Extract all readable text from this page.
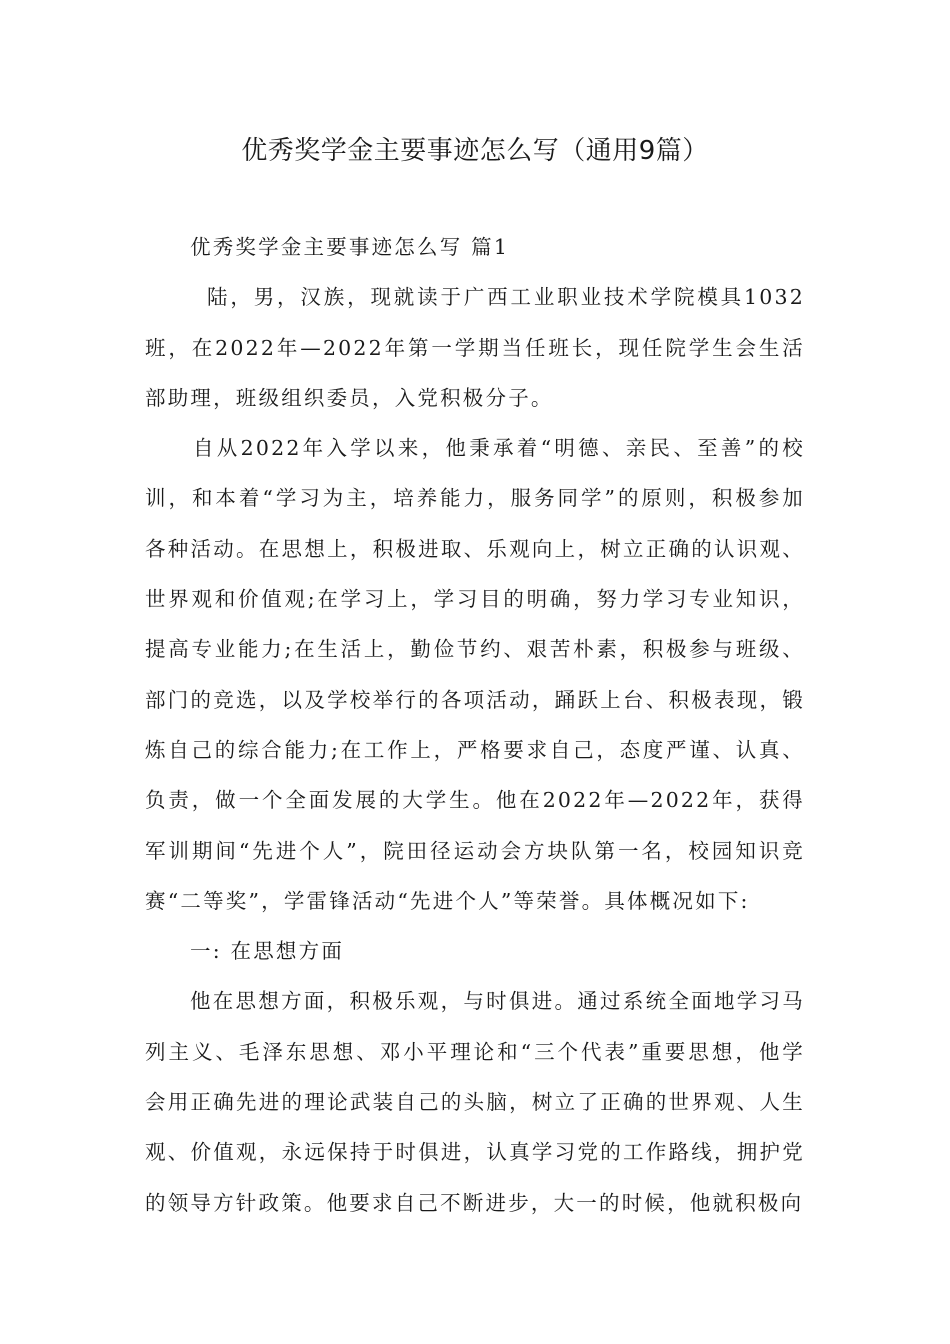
优秀奖学金主要事迹怎么写（通用9篇）

优秀奖学金主要事迹怎么写 篇1

陆，男，汉族，现就读于广西工业职业技术学院模具1032班，在2022年—2022年第一学期当任班长，现任院学生会生活部助理，班级组织委员，入党积极分子。

自从2022年入学以来，他秉承着“明德、亲民、至善”的校训，和本着“学习为主，培养能力，服务同学”的原则，积极参加各种活动。在思想上，积极进取、乐观向上，树立正确的认识观、世界观和价值观;在学习上，学习目的明确，努力学习专业知识，提高专业能力;在生活上，勤俭节约、艰苦朴素，积极参与班级、部门的竞选，以及学校举行的各项活动，踊跃上台、积极表现，锻炼自己的综合能力;在工作上，严格要求自己，态度严谨、认真、负责，做一个全面发展的大学生。他在2022年—2022年，获得军训期间“先进个人”，院田径运动会方块队第一名，校园知识竞赛“二等奖”，学雷锋活动“先进个人”等荣誉。具体概况如下:

一: 在思想方面

他在思想方面，积极乐观，与时俱进。通过系统全面地学习马列主义、毛泽东思想、邓小平理论和“三个代表”重要思想，他学会用正确先进的理论武装自己的头脑，树立了正确的世界观、人生观、价值观，永远保持于时俱进，认真学习党的工作路线，拥护党的领导方针政策。他要求自己不断进步，大一的时候，他就积极向
